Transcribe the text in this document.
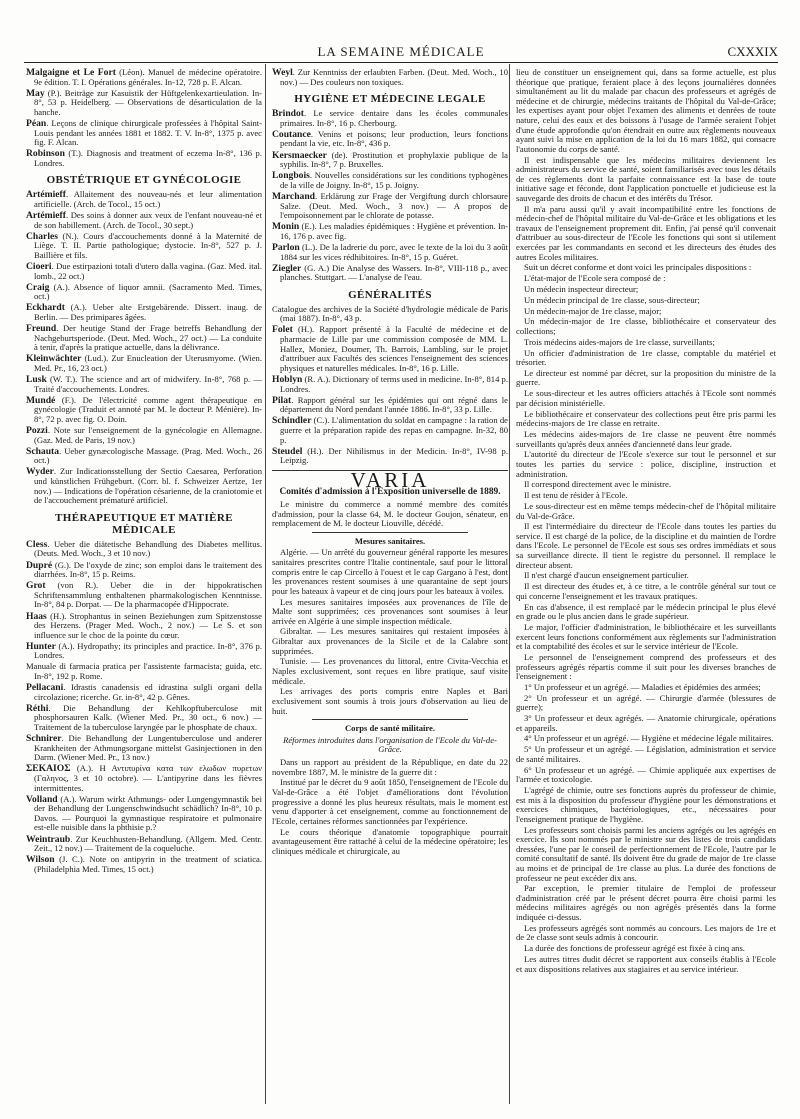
LA SEMAINE MÉDICALE	CXXXIX
Malgaigne et Le Fort (Léon). Manuel de médecine opératoire. 9e édition. T. I. Opérations générales. In-12, 728 p. F. Alcan.
May (P.). Beiträge zur Kasuistik der Hüftgelenkexartieulation. In-8°, 53 p. Heidelberg. — Observations de désarticulation de la hanche.
Péan. Leçons de clinique chirurgicale professées à l'hôpital Saint-Louis pendant les années 1881 et 1882. T. V. In-8°, 1375 p. avec fig. F. Alcan.
Robinson (T.). Diagnosis and treatment of eczema In-8°, 136 p. Londres.
OBSTÉTRIQUE ET GYNÉCOLOGIE
Artémieff. Allaitement des nouveau-nés et leur alimentation artificielle. (Arch. de Tocol., 15 oct.)
Artémieff. Des soins à donner aux veux de l'enfant nouveau-né et de son habillement. (Arch. de Tocol., 30 sept.)
Charles (N.). Cours d'accouchements donné à la Maternité de Liège. T. II. Partie pathologique; dystocie. In-8°, 527 p. J. Baillière et fils.
Cioeri. Due estirpazioni totali d'utero dalla vagina. (Gaz. Med. ital. lomb., 22 oct.)
Craig (A.). Absence of liquor amnii. (Sacramento Med. Times, oct.)
Eckhardt (A.). Ueber alte Erstgebärende. Dissert. inaug. de Berlin. — Des primipares âgées.
Freund. Der heutige Stand der Frage betreffs Behandlung der Nachgeburtsperiode. (Deut. Med. Woch., 27 oct.) — La conduite à tenir, d'après la pratique actuelle, dans la délivrance.
Kleinwächter (Lud.). Zur Enucleation der Uterusmyome. (Wien. Med. Pr., 16, 23 oct.)
Lusk (W. T.). The science and art of midwifery. In-8°, 768 p. — Traité d'accouchements. Londres.
Mundé (F.). De l'électricité comme agent thérapeutique en gynécologie (Traduit et annoté par M. le docteur P. Ménière). In-8°, 72 p. avec fig. O. Doin.
Pozzi. Note sur l'enseignement de la gynécologie en Allemagne. (Gaz. Med. de Paris, 19 nov.)
Schauta. Ueber gynæcologische Massage. (Prag. Med. Woch., 26 oct.)
Wyder. Zur Indicationsstellung der Sectio Caesarea, Perforation und künstlichen Frühgeburt. (Corr. bl. f. Schweizer Aertze, 1er nov.) — Indications de l'opération césarienne, de la craniotomie et de l'accouchement prématuré artificiel.
THÉRAPEUTIQUE ET MATIÈRE MÉDICALE
Cless. Ueber die diätetische Behandlung des Diabetes mellitus. (Deuts. Med. Woch., 3 et 10 nov.)
Dupré (G.). De l'oxyde de zinc; son emploi dans le traitement des diarrhées. In-8°, 15 p. Reims.
Grot (von R.). Ueber die in der hippokratischen Schriftensammlung enthaltenen pharmakologischen Kenntnisse. In-8°, 84 p. Dorpat. — De la pharmacopée d'Hippocrate.
Haas (H.). Strophantus in seinen Beziehungen zum Spitzenstosse des Herzens. (Prager Med. Woch., 2 nov.) — Le S. et son influence sur le choc de la pointe du cœur.
Hunter (A.). Hydropathy; its principles and practice. In-8°, 376 p. Londres.
Manuale di farmacia pratica per l'assistente farmacista; guida, etc. In-8°, 192 p. Rome.
Pellacani. Idrastis canadensis ed idrastina sulgli organi della circolazione; ricerche. Gr. in-8°, 42 p. Gênes.
Réthi. Die Behandlung der Kehlkopftuberculose mit phosphorsauren Kalk. (Wiener Med. Pr., 30 oct., 6 nov.) — Traitement de la tuberculose laryngée par le phosphate de chaux.
Schnirer. Die Behandlung der Lungentuberculose und anderer Krankheiten der Athmungsorgane mittelst Gasinjectionen in den Darm. (Wiener Med. Pr., 13 nov.)
ΣΕΚΑΙΟΣ (A.). Η Αντιπυρίνα κατα των ελωδων πυρετων (Γαληνος, 3 et 10 octobre). — L'antipyrine dans les fièvres intermittentes.
Volland (A.). Warum wirkt Athmungs- oder Lungengymnastik bei der Behandlung der Lungenschwindsucht schädlich? In-8°, 10 p. Davos. — Pourquoi la gymnastique respiratoire et pulmonaire est-elle nuisible dans la phthisie p.?
Weintraub. Zur Keuchhusten-Behandlung. (Allgem. Med. Centr. Zeit., 12 nov.) — Traitement de la coqueluche.
Wilson (J. C.). Note on antipyrin in the treatment of sciatica. (Philadelphia Med. Times, 15 oct.)
Weyl. Zur Kenntniss der erlaubten Farben. (Deut. Med. Woch., 10 nov.) — Des couleurs non toxiques.
HYGIÈNE ET MÉDECINE LEGALE
Brindot. Le service dentaire dans les écoles communales primaires. In-8°, 16 p. Cherbourg.
Coutance. Venins et poisons; leur production, leurs fonctions pendant la vie, etc. In-8°, 436 p.
Kersmaecker (de). Prostitution et prophylaxie publique de la syphilis. In-8°, 7 p. Bruxelles.
Longbois. Nouvelles considérations sur les conditions typhogènes de la ville de Joigny. In-8°, 15 p. Joigny.
Marchand. Erklärung zur Frage der Vergiftung durch chlorsaure Salze. (Deut. Med. Woch., 3 nov.) — A propos de l'empoisonnement par le chlorate de potasse.
Monin (E.). Les maladies épidémiques : Hygiène et prévention. In-16, 176 p. avec fig.
Parlon (L.). De la ladrerie du porc, avec le texte de la loi du 3 août 1884 sur les vices rédhibitoires. In-8°, 15 p. Guéret.
Ziegler (G. A.) Die Analyse des Wassers. In-8°, VIII-118 p., avec planches. Stuttgart. — L'analyse de l'eau.
GÉNÉRALITÉS
Catalogue des archives de la Société d'hydrologie médicale de Paris (mai 1887). In-8°, 43 p.
Folet (H.). Rapport présenté à la Faculté de médecine et de pharmacie de Lille par une commission composée de MM. L. Hallez, Moniez, Doumer, Th. Barrois, Lambling, sur le projet d'attribuer aux Facultés des sciences l'enseignement des sciences physiques et naturelles médicales. In-8°, 16 p. Lille.
Hoblyn (R. A.). Dictionary of terms used in medicine. In-8°, 814 p. Londres.
Pilat. Rapport général sur les épidémies qui ont régné dans le département du Nord pendant l'année 1886. In-8°, 33 p. Lille.
Schindler (C.). L'alimentation du soldat en campagne : la ration de guerre et la préparation rapide des repas en campagne. In-32, 80 p.
Steudel (H.). Der Nihilismus in der Medicin. In-8°, IV-98 p. Leipzig.
VARIA
Comités d'admission à l'Exposition universelle de 1889.
Le ministre du commerce a nommé membre des comités d'admission, pour la classe 64, M. le docteur Goujon, sénateur, en remplacement de M. le docteur Liouville, décédé.
Mesures sanitaires.
Algérie. — Un arrêté du gouverneur général rapporte les mesures sanitaires prescrites contre l'Italie continentale, sauf pour le littoral compris entre le cap Circello à l'ouest et le cap Gargano à l'est, dont les provenances restent soumises à une quarantaine de sept jours pour les bateaux à vapeur et de cinq jours pour les bateaux à voiles.
Les mesures sanitaires imposées aux provenances de l'île de Malte sont supprimées; ces provenances sont soumises à leur arrivée en Algérie à une simple inspection médicale.
Gibraltar. — Les mesures sanitaires qui restaient imposées à Gibraltar aux provenances de la Sicile et de la Calabre sont supprimées.
Tunisie. — Les provenances du littoral, entre Civita-Vecchia et Naples exclusivement, sont reçues en libre pratique, sauf visite médicale.
Les arrivages des ports compris entre Naples et Bari exclusivement sont soumis à trois jours d'observation au lieu de huit.
Corps de santé militaire.
Réformes introduites dans l'organisation de l'Ecole du Val-de-Grâce.
Dans un rapport au président de la République, en date du 22 novembre 1887, M. le ministre de la guerre dit :
Institué par le décret du 9 août 1850, l'enseignement de l'Ecole du Val-de-Grâce a été l'objet d'améliorations dont l'évolution progressive a donné les plus heureux résultats, mais le moment est venu d'apporter à cet enseignement, comme au fonctionnement de l'Ecole, certaines réformes sanctionnées par l'expérience.
Le cours théorique d'anatomie topographique pourrait avantageusement être rattaché à celui de la médecine opératoire; les cliniques médicale et chirurgicale, au
lieu de constituer un enseignement qui, dans sa forme actuelle, est plus théorique que pratique, feraient place à des leçons journalières données simultanément au lit du malade par chacun des professeurs et agrégés de médecine et de chirurgie, médecins traitants de l'hôpital du Val-de-Grâce; les expertises ayant pour objet l'examen des aliments et denrées de toute nature, celui des eaux et des boissons à l'usage de l'armée seraient l'objet d'une étude approfondie qu'on étendrait en outre aux règlements nouveaux ayant suivi la mise en application de la loi du 16 mars 1882, qui consacre l'autonomie du corps de santé.
Il est indispensable que les médecins militaires deviennent les administrateurs du service de santé, soient familiarisés avec tous les détails de ces règlements dont la parfaite connaissance est la base de toute initiative sage et féconde, dont l'application ponctuelle et judicieuse est la sauvegarde des droits de chacun et des intérêts du Trésor.
Il m'a paru aussi qu'il y avait incompatibilité entre les fonctions de médecin-chef de l'hôpital militaire du Val-de-Grâce et les obligations et les travaux de l'enseignement proprement dit. Enfin, j'ai pensé qu'il convenait d'attribuer au sous-directeur de l'Ecole les fonctions qui sont si utilement exercées par les commandants en second et les directeurs des études des autres Ecoles militaires.
Suit un décret conforme et dont voici les principales dispositions :
L'état-major de l'Ecole sera composé de :
Un médecin inspecteur directeur;
Un médecin principal de 1re classe, sous-directeur;
Un médecin-major de 1re classe, major;
Un médecin-major de 1re classe, bibliothécaire et conservateur des collections;
Trois médecins aides-majors de 1re classe, surveillants;
Un officier d'administration de 1re classe, comptable du matériel et trésorier.
Le directeur est nommé par décret, sur la proposition du ministre de la guerre.
Le sous-directeur et les autres officiers attachés à l'Ecole sont nommés par décision ministérielle.
Le bibliothécaire et conservateur des collections peut être pris parmi les médecins-majors de 1re classe en retraite.
Les médecins aides-majors de 1re classe ne peuvent être nommés surveillants qu'après deux années d'ancienneté dans leur grade.
L'autorité du directeur de l'Ecole s'exerce sur tout le personnel et sur toutes les parties du service : police, discipline, instruction et administration.
Il correspond directement avec le ministre.
Il est tenu de résider à l'Ecole.
Le sous-directeur est en même temps médecin-chef de l'hôpital militaire du Val-de-Grâce.
Il est l'intermédiaire du directeur de l'Ecole dans toutes les parties du service. Il est chargé de la police, de la discipline et du maintien de l'ordre dans l'Ecole. Le personnel de l'Ecole est sous ses ordres immédiats et sous sa surveillance directe. Il tient le registre du personnel. Il remplace le directeur absent.
Il n'est chargé d'aucun enseignement particulier.
Il est directeur des études et, à ce titre, a le contrôle général sur tout ce qui concerne l'enseignement et les travaux pratiques.
En cas d'absence, il est remplacé par le médecin principal le plus élevé en grade ou le plus ancien dans le grade supérieur.
Le major, l'officier d'administration, le bibliothécaire et les surveillants exercent leurs fonctions conformément aux règlements sur l'administration et la comptabilité des écoles et sur le service intérieur de l'Ecole.
Le personnel de l'enseignement comprend des professeurs et des professeurs agrégés répartis comme il suit pour les diverses branches de l'enseignement :
1° Un professeur et un agrégé. — Maladies et épidémies des armées;
2° Un professeur et un agrégé. — Chirurgie d'armée (blessures de guerre);
3° Un professeur et deux agrégés. — Anatomie chirurgicale, opérations et appareils.
4° Un professeur et un agrégé. — Hygiène et médecine légale militaires.
5° Un professeur et un agrégé. — Législation, administration et service de santé militaires.
6° Un professeur et un agrégé. — Chimie appliquée aux expertises de l'armée et toxicologie.
L'agrégé de chimie, outre ses fonctions auprès du professeur de chimie, est mis à la disposition du professeur d'hygiène pour les démonstrations et exercices chimiques, bactériologiques, etc., nécessaires pour l'enseignement pratique de l'hygiène.
Les professeurs sont choisis parmi les anciens agrégés ou les agrégés en exercice. Ils sont nommés par le ministre sur des listes de trois candidats dressées, l'une par le conseil de perfectionnement de l'Ecole, l'autre par le comité consultatif de santé. Ils doivent être du grade de major de 1re classe au moins et de principal de 1re classe au plus. La durée des fonctions de professeur ne peut excéder dix ans.
Par exception, le premier titulaire de l'emploi de professeur d'administration créé par le présent décret pourra être choisi parmi les médecins militaires agrégés ou non agrégés présentés dans la forme indiquée ci-dessus.
Les professeurs agrégés sont nommés au concours. Les majors de 1re et de 2e classe sont seuls admis à concourir.
La durée des fonctions de professeur agrégé est fixée à cinq ans.
Les autres titres dudit décret se rapportent aux conseils établis à l'Ecole et aux dispositions relatives aux stagiaires et au service intérieur.
